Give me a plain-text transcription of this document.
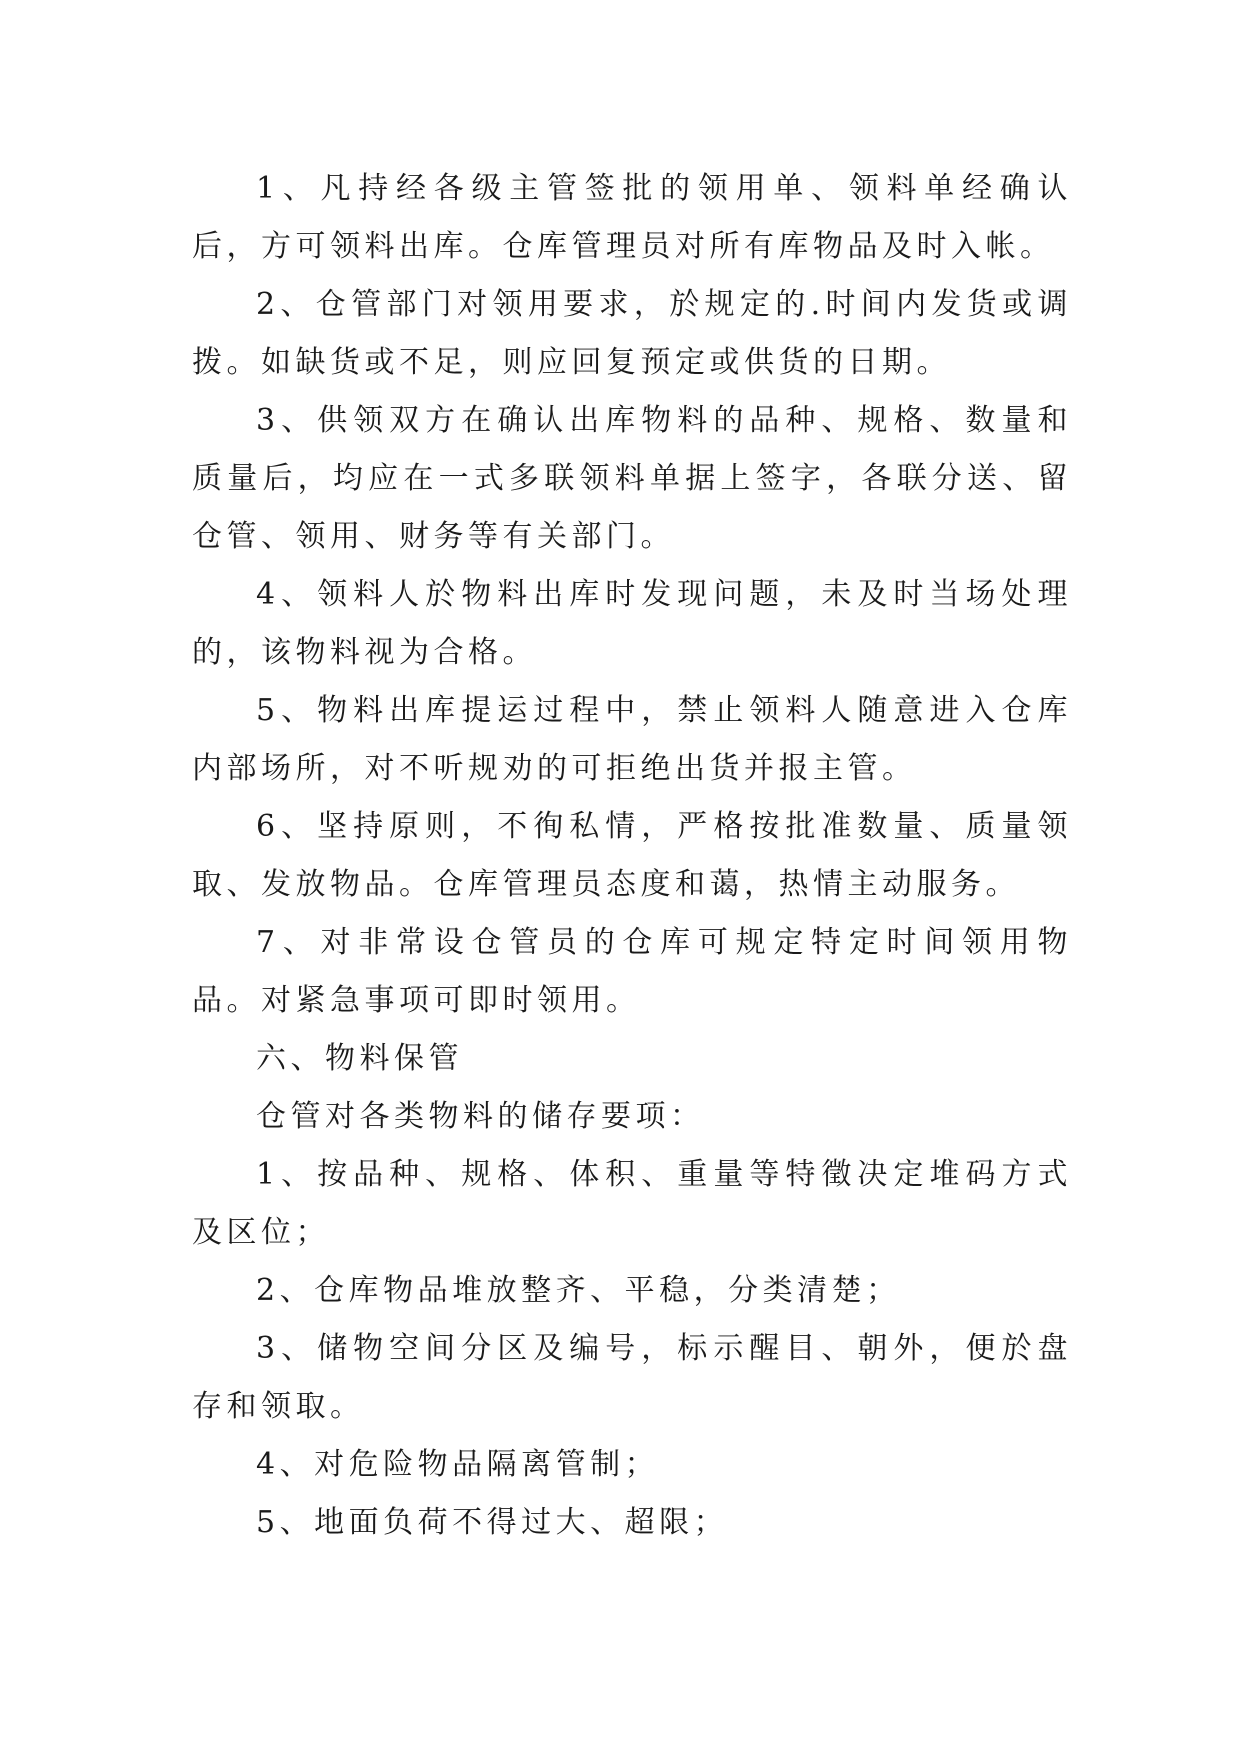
1、凡持经各级主管签批的领用单、领料单经确认后，方可领料出库。仓库管理员对所有库物品及时入帐。

2、仓管部门对领用要求，於规定的.时间内发货或调拨。如缺货或不足，则应回复预定或供货的日期。

3、供领双方在确认出库物料的品种、规格、数量和质量后，均应在一式多联领料单据上签字，各联分送、留仓管、领用、财务等有关部门。

4、领料人於物料出库时发现问题，未及时当场处理的，该物料视为合格。

5、物料出库提运过程中，禁止领料人随意进入仓库内部场所，对不听规劝的可拒绝出货并报主管。

6、坚持原则，不徇私情，严格按批准数量、质量领取、发放物品。仓库管理员态度和蔼，热情主动服务。

7、对非常设仓管员的仓库可规定特定时间领用物品。对紧急事项可即时领用。

六、物料保管

仓管对各类物料的储存要项：

1、按品种、规格、体积、重量等特徵决定堆码方式及区位；

2、仓库物品堆放整齐、平稳，分类清楚；

3、储物空间分区及编号，标示醒目、朝外，便於盘存和领取。

4、对危险物品隔离管制；

5、地面负荷不得过大、超限；
